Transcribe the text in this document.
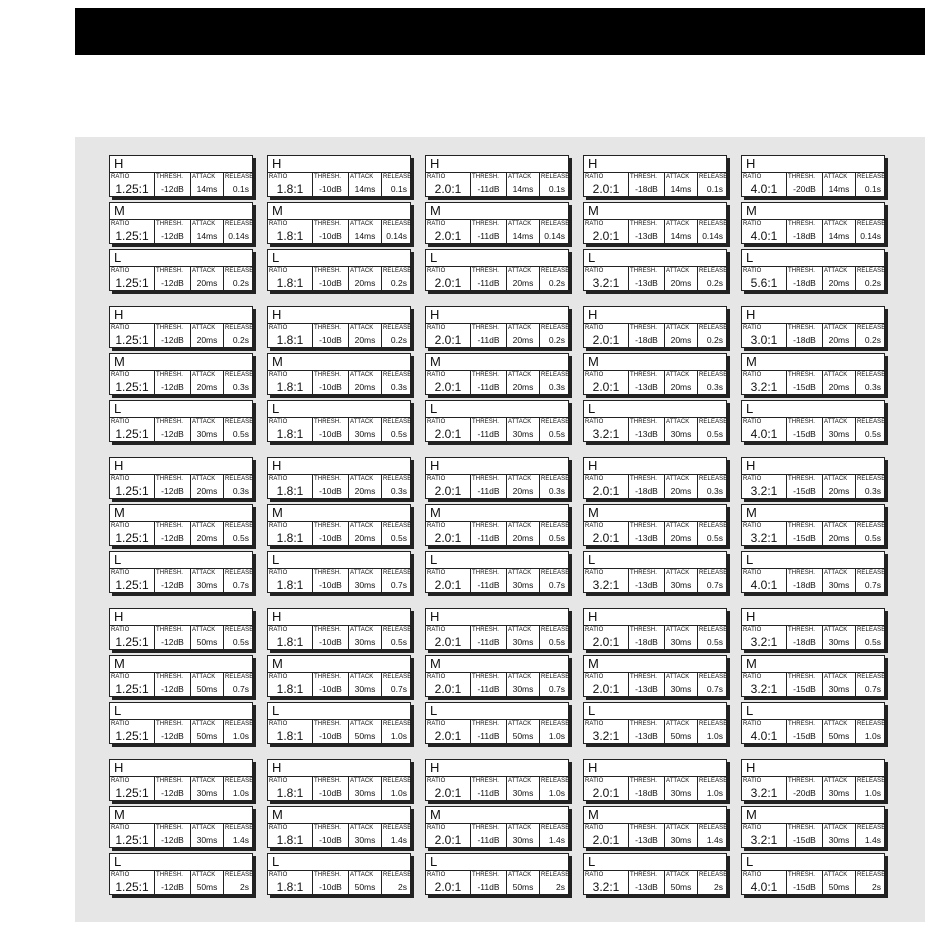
H
RATIO
1.25:1
THRESH.
-12dB
ATTACK
14ms
RELEASE
0.1s
M
RATIO
1.25:1
THRESH.
-12dB
ATTACK
14ms
RELEASE
0.14s
L
RATIO
1.25:1
THRESH.
-12dB
ATTACK
20ms
RELEASE
0.2s
H
RATIO
1.8:1
THRESH.
-10dB
ATTACK
14ms
RELEASE
0.1s
M
RATIO
1.8:1
THRESH.
-10dB
ATTACK
14ms
RELEASE
0.14s
L
RATIO
1.8:1
THRESH.
-10dB
ATTACK
20ms
RELEASE
0.2s
H
RATIO
2.0:1
THRESH.
-11dB
ATTACK
14ms
RELEASE
0.1s
M
RATIO
2.0:1
THRESH.
-11dB
ATTACK
14ms
RELEASE
0.14s
L
RATIO
2.0:1
THRESH.
-11dB
ATTACK
20ms
RELEASE
0.2s
H
RATIO
2.0:1
THRESH.
-18dB
ATTACK
14ms
RELEASE
0.1s
M
RATIO
2.0:1
THRESH.
-13dB
ATTACK
14ms
RELEASE
0.14s
L
RATIO
3.2:1
THRESH.
-13dB
ATTACK
20ms
RELEASE
0.2s
H
RATIO
4.0:1
THRESH.
-20dB
ATTACK
14ms
RELEASE
0.1s
M
RATIO
4.0:1
THRESH.
-18dB
ATTACK
14ms
RELEASE
0.14s
L
RATIO
5.6:1
THRESH.
-18dB
ATTACK
20ms
RELEASE
0.2s
H
RATIO
1.25:1
THRESH.
-12dB
ATTACK
20ms
RELEASE
0.2s
M
RATIO
1.25:1
THRESH.
-12dB
ATTACK
20ms
RELEASE
0.3s
L
RATIO
1.25:1
THRESH.
-12dB
ATTACK
30ms
RELEASE
0.5s
H
RATIO
1.8:1
THRESH.
-10dB
ATTACK
20ms
RELEASE
0.2s
M
RATIO
1.8:1
THRESH.
-10dB
ATTACK
20ms
RELEASE
0.3s
L
RATIO
1.8:1
THRESH.
-10dB
ATTACK
30ms
RELEASE
0.5s
H
RATIO
2.0:1
THRESH.
-11dB
ATTACK
20ms
RELEASE
0.2s
M
RATIO
2.0:1
THRESH.
-11dB
ATTACK
20ms
RELEASE
0.3s
L
RATIO
2.0:1
THRESH.
-11dB
ATTACK
30ms
RELEASE
0.5s
H
RATIO
2.0:1
THRESH.
-18dB
ATTACK
20ms
RELEASE
0.2s
M
RATIO
2.0:1
THRESH.
-13dB
ATTACK
20ms
RELEASE
0.3s
L
RATIO
3.2:1
THRESH.
-13dB
ATTACK
30ms
RELEASE
0.5s
H
RATIO
3.0:1
THRESH.
-18dB
ATTACK
20ms
RELEASE
0.2s
M
RATIO
3.2:1
THRESH.
-15dB
ATTACK
20ms
RELEASE
0.3s
L
RATIO
4.0:1
THRESH.
-15dB
ATTACK
30ms
RELEASE
0.5s
H
RATIO
1.25:1
THRESH.
-12dB
ATTACK
20ms
RELEASE
0.3s
M
RATIO
1.25:1
THRESH.
-12dB
ATTACK
20ms
RELEASE
0.5s
L
RATIO
1.25:1
THRESH.
-12dB
ATTACK
30ms
RELEASE
0.7s
H
RATIO
1.8:1
THRESH.
-10dB
ATTACK
20ms
RELEASE
0.3s
M
RATIO
1.8:1
THRESH.
-10dB
ATTACK
20ms
RELEASE
0.5s
L
RATIO
1.8:1
THRESH.
-10dB
ATTACK
30ms
RELEASE
0.7s
H
RATIO
2.0:1
THRESH.
-11dB
ATTACK
20ms
RELEASE
0.3s
M
RATIO
2.0:1
THRESH.
-11dB
ATTACK
20ms
RELEASE
0.5s
L
RATIO
2.0:1
THRESH.
-11dB
ATTACK
30ms
RELEASE
0.7s
H
RATIO
2.0:1
THRESH.
-18dB
ATTACK
20ms
RELEASE
0.3s
M
RATIO
2.0:1
THRESH.
-13dB
ATTACK
20ms
RELEASE
0.5s
L
RATIO
3.2:1
THRESH.
-13dB
ATTACK
30ms
RELEASE
0.7s
H
RATIO
3.2:1
THRESH.
-15dB
ATTACK
20ms
RELEASE
0.3s
M
RATIO
3.2:1
THRESH.
-15dB
ATTACK
20ms
RELEASE
0.5s
L
RATIO
4.0:1
THRESH.
-18dB
ATTACK
30ms
RELEASE
0.7s
H
RATIO
1.25:1
THRESH.
-12dB
ATTACK
50ms
RELEASE
0.5s
M
RATIO
1.25:1
THRESH.
-12dB
ATTACK
50ms
RELEASE
0.7s
L
RATIO
1.25:1
THRESH.
-12dB
ATTACK
50ms
RELEASE
1.0s
H
RATIO
1.8:1
THRESH.
-10dB
ATTACK
30ms
RELEASE
0.5s
M
RATIO
1.8:1
THRESH.
-10dB
ATTACK
30ms
RELEASE
0.7s
L
RATIO
1.8:1
THRESH.
-10dB
ATTACK
50ms
RELEASE
1.0s
H
RATIO
2.0:1
THRESH.
-11dB
ATTACK
30ms
RELEASE
0.5s
M
RATIO
2.0:1
THRESH.
-11dB
ATTACK
30ms
RELEASE
0.7s
L
RATIO
2.0:1
THRESH.
-11dB
ATTACK
50ms
RELEASE
1.0s
H
RATIO
2.0:1
THRESH.
-18dB
ATTACK
30ms
RELEASE
0.5s
M
RATIO
2.0:1
THRESH.
-13dB
ATTACK
30ms
RELEASE
0.7s
L
RATIO
3.2:1
THRESH.
-13dB
ATTACK
50ms
RELEASE
1.0s
H
RATIO
3.2:1
THRESH.
-18dB
ATTACK
30ms
RELEASE
0.5s
M
RATIO
3.2:1
THRESH.
-15dB
ATTACK
30ms
RELEASE
0.7s
L
RATIO
4.0:1
THRESH.
-15dB
ATTACK
50ms
RELEASE
1.0s
H
RATIO
1.25:1
THRESH.
-12dB
ATTACK
30ms
RELEASE
1.0s
M
RATIO
1.25:1
THRESH.
-12dB
ATTACK
30ms
RELEASE
1.4s
L
RATIO
1.25:1
THRESH.
-12dB
ATTACK
50ms
RELEASE
2s
H
RATIO
1.8:1
THRESH.
-10dB
ATTACK
30ms
RELEASE
1.0s
M
RATIO
1.8:1
THRESH.
-10dB
ATTACK
30ms
RELEASE
1.4s
L
RATIO
1.8:1
THRESH.
-10dB
ATTACK
50ms
RELEASE
2s
H
RATIO
2.0:1
THRESH.
-11dB
ATTACK
30ms
RELEASE
1.0s
M
RATIO
2.0:1
THRESH.
-11dB
ATTACK
30ms
RELEASE
1.4s
L
RATIO
2.0:1
THRESH.
-11dB
ATTACK
50ms
RELEASE
2s
H
RATIO
2.0:1
THRESH.
-18dB
ATTACK
30ms
RELEASE
1.0s
M
RATIO
2.0:1
THRESH.
-13dB
ATTACK
30ms
RELEASE
1.4s
L
RATIO
3.2:1
THRESH.
-13dB
ATTACK
50ms
RELEASE
2s
H
RATIO
3.2:1
THRESH.
-20dB
ATTACK
30ms
RELEASE
1.0s
M
RATIO
3.2:1
THRESH.
-15dB
ATTACK
30ms
RELEASE
1.4s
L
RATIO
4.0:1
THRESH.
-15dB
ATTACK
50ms
RELEASE
2s
